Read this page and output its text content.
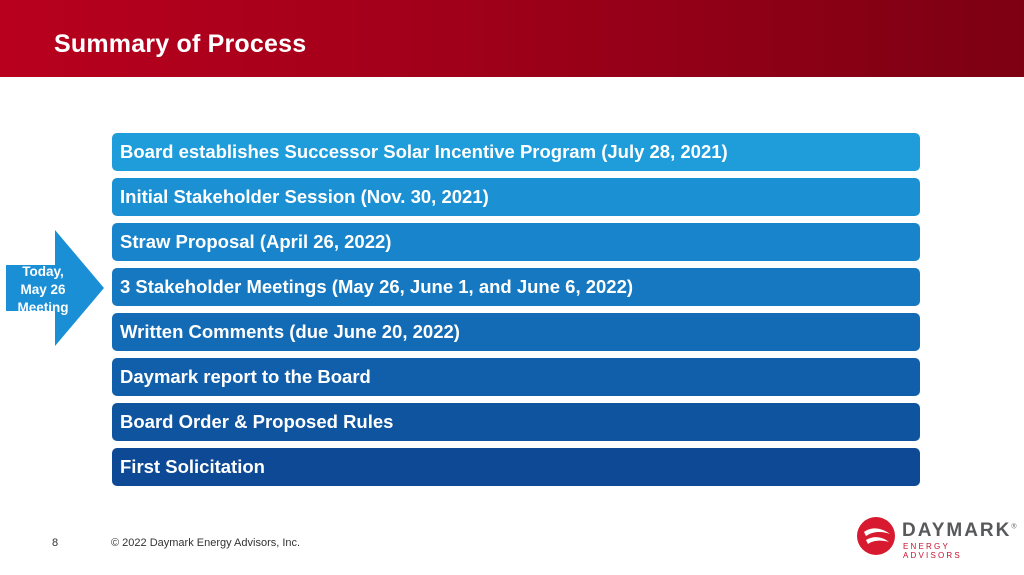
Summary of Process
Board establishes Successor Solar Incentive Program (July 28, 2021)
Initial Stakeholder Session (Nov. 30, 2021)
Straw Proposal (April 26, 2022)
3 Stakeholder Meetings (May 26, June 1, and June 6, 2022)
Written Comments (due June 20, 2022)
Daymark report to the Board
Board Order & Proposed Rules
First Solicitation
Today,
May 26
Meeting
8	© 2022 Daymark Energy Advisors, Inc.
DAYMARK®
ENERGY ADVISORS
